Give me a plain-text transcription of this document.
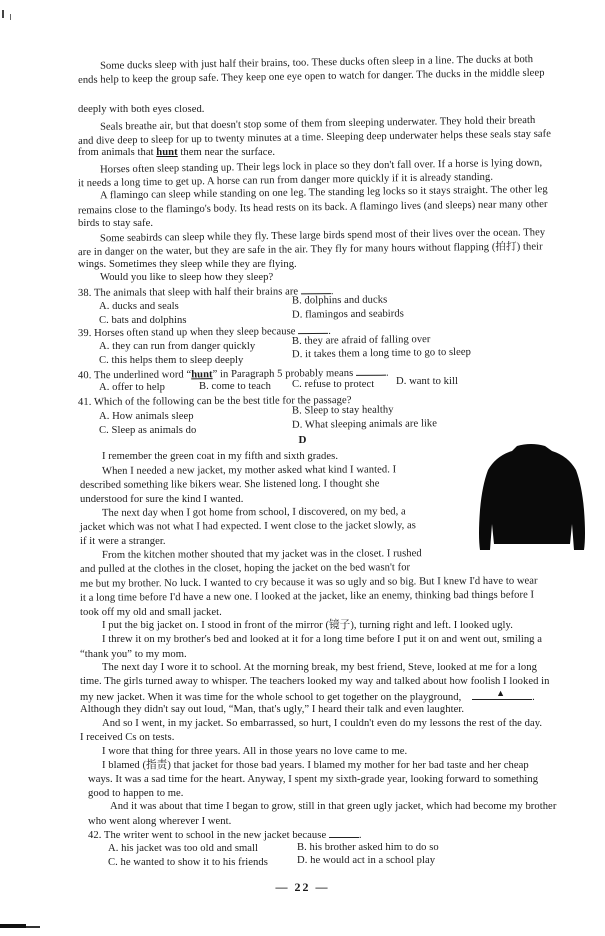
Some ducks sleep with just half their brains, too. These ducks often sleep in a line. The ducks at both
ends help to keep the group safe. They keep one eye open to watch for danger. The ducks in the middle sleep
deeply with both eyes closed.
Seals breathe air, but that doesn't stop some of them from sleeping underwater. They hold their breath
and dive deep to sleep for up to twenty minutes at a time. Sleeping deep underwater helps these seals stay safe
from animals that hunt them near the surface.
Horses often sleep standing up. Their legs lock in place so they don't fall over. If a horse is lying down,
it needs a long time to get up. A horse can run from danger more quickly if it is already standing.
A flamingo can sleep while standing on one leg. The standing leg locks so it stays straight. The other leg
remains close to the flamingo's body. Its head rests on its back. A flamingo lives (and sleeps) near many other
birds to stay safe.
Some seabirds can sleep while they fly. These large birds spend most of their lives over the ocean. They
are in danger on the water, but they are safe in the air. They fly for many hours without flapping (拍打) their
wings. Sometimes they sleep while they are flying.
Would you like to sleep how they sleep?
38. The animals that sleep with half their brains are	.
A. ducks and seals
B. dolphins and ducks
C. bats and dolphins	D. flamingos and seabirds
39. Horses often stand up when they sleep because	.
A. they can run from danger quickly	B. they are afraid of falling over
C. this helps them to sleep deeply
D. it takes them a long time to go to sleep
40. The underlined word “hunt” in Paragraph 5 probably means	.
A. offer to help	B. come to teach C. refuse to protect D. want to kill
41. Which of the following can be the best title for the passage?
A. How animals sleep	B. Sleep to stay healthy
C. Sleep as animals do	D. What sleeping animals are like
D
I remember the green coat in my fifth and sixth grades.
When I needed a new jacket, my mother asked what kind I wanted. I
described something like bikers wear. She listened long. I thought she
understood for sure the kind I wanted.
The next day when I got home from school, I discovered, on my bed, a
jacket which was not what I had expected. I went close to the jacket slowly, as
if it were a stranger.
From the kitchen mother shouted that my jacket was in the closet. I rushed
and pulled at the clothes in the closet, hoping the jacket on the bed wasn't for
me but my brother. No luck. I wanted to cry because it was so ugly and so big. But I knew I'd have to wear
it a long time before I'd have a new one. I looked at the jacket, like an enemy, thinking bad things before I
took off my old and small jacket.
I put the big jacket on. I stood in front of the mirror (镜子), turning right and left. I looked ugly.
I threw it on my brother's bed and looked at it for a long time before I put it on and went out, smiling a
“thank you” to my mom.
The next day I wore it to school. At the morning break, my best friend, Steve, looked at me for a long
time. The girls turned away to whisper. The teachers looked my way and talked about how foolish I looked in
my new jacket. When it was time for the whole school to get together on the playground,	▲	.
Although they didn't say out loud, “Man, that's ugly,” I heard their talk and even laughter.
And so I went, in my jacket. So embarrassed, so hurt, I couldn't even do my lessons the rest of the day.
I received Cs on tests.
I wore that thing for three years. All in those years no love came to me.
I blamed (指责) that jacket for those bad years. I blamed my mother for her bad taste and her cheap
ways. It was a sad time for the heart. Anyway, I spent my sixth-grade year, looking forward to something
good to happen to me.
And it was about that time I began to grow, still in that green ugly jacket, which had become my brother
who went along wherever I went.
42. The writer went to school in the new jacket because	.
A. his jacket was too old and small	B. his brother asked him to do so
C. he wanted to show it to his friends	D. he would act in a school play
— 22 —
